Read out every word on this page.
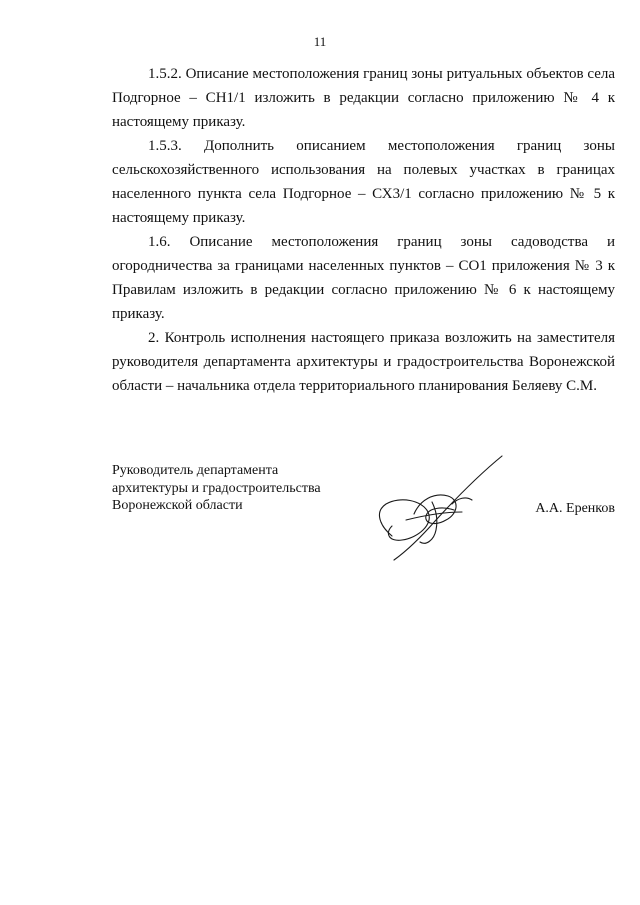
11

1.5.2. Описание местоположения границ зоны ритуальных объектов села Подгорное – СН1/1 изложить в редакции согласно приложению № 4 к настоящему приказу.

1.5.3. Дополнить описанием местоположения границ зоны сельскохозяйственного использования на полевых участках в границах населенного пункта села Подгорное – СХ3/1 согласно приложению № 5 к настоящему приказу.

1.6. Описание местоположения границ зоны садоводства и огородничества за границами населенных пунктов – СО1 приложения № 3 к Правилам изложить в редакции согласно приложению № 6 к настоящему приказу.

2. Контроль исполнения настоящего приказа возложить на заместителя руководителя департамента архитектуры и градостроительства Воронежской области – начальника отдела территориального планирования Беляеву С.М.

Руководитель департамента
архитектуры и градостроительства
Воронежской области	А.А. Еренков
